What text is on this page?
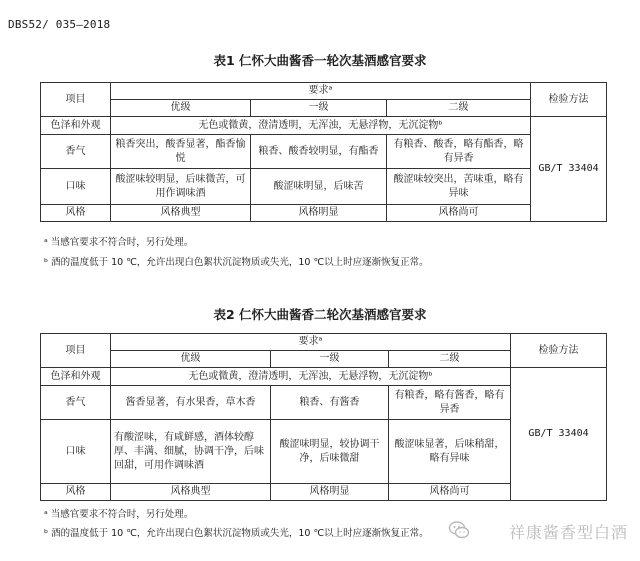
DBS52/ 035—2018
表1 仁怀大曲酱香一轮次基酒感官要求
项目	要求ᵃ			检验方法
	优级	一级	二级	
色泽和外观	无色或微黄，澄清透明，无浑浊，无悬浮物，无沉淀物ᵇ			GB/T 33404
香气	粮香突出，酸香显著，酯香愉悦	粮香、酸香较明显，有酯香	有粮香、酸香，略有酯香，略有异香	
口味	酸涩味较明显，后味微苦，可用作调味酒	酸涩味明显，后味苦	酸涩味较突出，苦味重，略有异味	
风格	风格典型	风格明显	风格尚可	
ᵃ 当感官要求不符合时，另行处理。
ᵇ 酒的温度低于 10 ℃，允许出现白色絮状沉淀物质或失光，10 ℃以上时应逐渐恢复正常。
表2 仁怀大曲酱香二轮次基酒感官要求
项目	要求ᵃ			检验方法
	优级	一级	二级	
色泽和外观	无色或微黄，澄清透明，无浑浊，无悬浮物，无沉淀物ᵇ			GB/T 33404
香气	酱香显著，有水果香，草木香	粮香、有酱香	有粮香，略有酱香，略有异香	
口味	有酸涩味，有咸鲜感，酒体较醇厚、丰满、细腻，协调干净，后味回甜，可用作调味酒	酸涩味明显，较协调干净，后味微甜	酸涩味显著，后味稍甜，略有异味	
风格	风格典型	风格明显	风格尚可	
ᵃ 当感官要求不符合时，另行处理。
ᵇ 酒的温度低于 10 ℃，允许出现白色絮状沉淀物质或失光，10 ℃以上时应逐渐恢复正常。	祥康酱香型白酒
